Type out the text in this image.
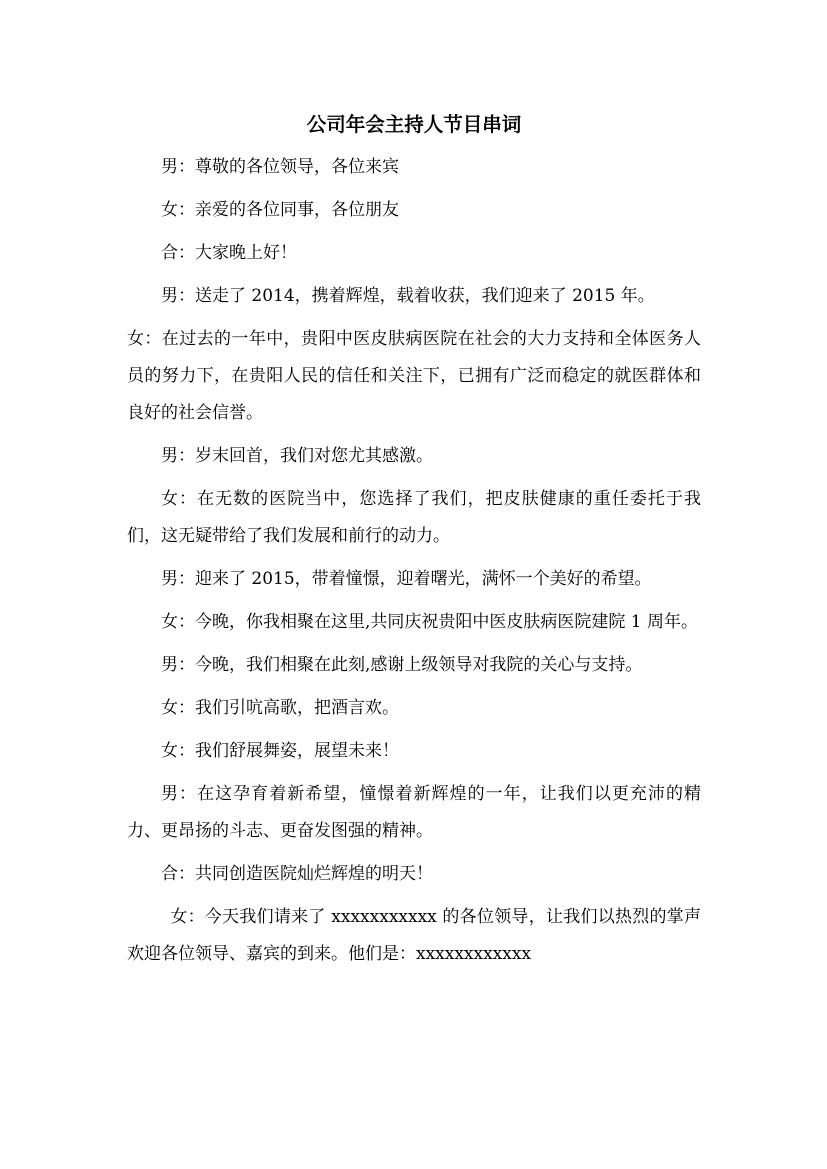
公司年会主持人节目串词
男：尊敬的各位领导，各位来宾
女：亲爱的各位同事，各位朋友
合：大家晚上好！
男：送走了 2014，携着辉煌，载着收获，我们迎来了 2015 年。
女：在过去的一年中，贵阳中医皮肤病医院在社会的大力支持和全体医务人员的努力下，在贵阳人民的信任和关注下，已拥有广泛而稳定的就医群体和良好的社会信誉。
男：岁末回首，我们对您尤其感激。
女：在无数的医院当中，您选择了我们，把皮肤健康的重任委托于我们，这无疑带给了我们发展和前行的动力。
男：迎来了 2015，带着憧憬，迎着曙光，满怀一个美好的希望。
女：今晚，你我相聚在这里,共同庆祝贵阳中医皮肤病医院建院 1 周年。
男：今晚，我们相聚在此刻,感谢上级领导对我院的关心与支持。
女：我们引吭高歌，把酒言欢。
女：我们舒展舞姿，展望未来！
男：在这孕育着新希望，憧憬着新辉煌的一年，让我们以更充沛的精力、更昂扬的斗志、更奋发图强的精神。
合：共同创造医院灿烂辉煌的明天！
女：今天我们请来了 xxxxxxxxxxx 的各位领导，让我们以热烈的掌声欢迎各位领导、嘉宾的到来。他们是：xxxxxxxxxxxx
